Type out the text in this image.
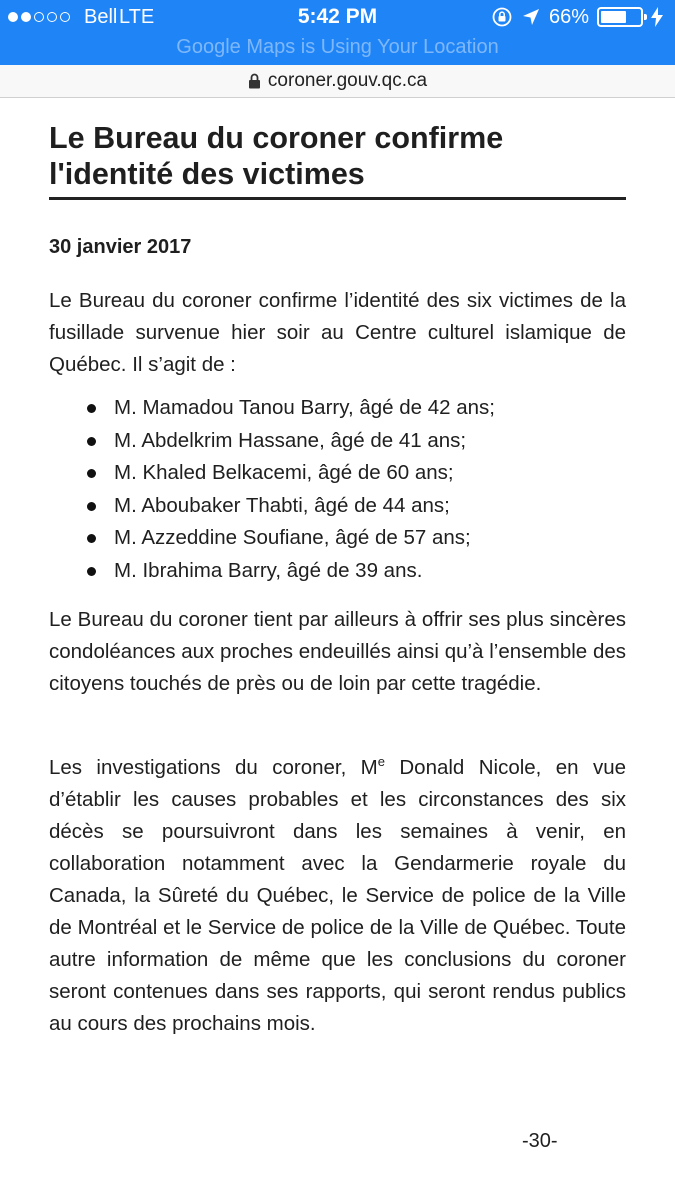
Bell LTE	5:42 PM	66%
Google Maps is Using Your Location
coroner.gouv.qc.ca
Le Bureau du coroner confirme l'identité des victimes
30 janvier 2017
Le Bureau du coroner confirme l’identité des six victimes de la fusillade survenue hier soir au Centre culturel islamique de Québec. Il s’agit de :
M. Mamadou Tanou Barry, âgé de 42 ans;
M. Abdelkrim Hassane, âgé de 41 ans;
M. Khaled Belkacemi, âgé de 60 ans;
M. Aboubaker Thabti, âgé de 44 ans;
M. Azzeddine Soufiane, âgé de 57 ans;
M. Ibrahima Barry, âgé de 39 ans.
Le Bureau du coroner tient par ailleurs à offrir ses plus sincères condoléances aux proches endeuillés ainsi qu’à l’ensemble des citoyens touchés de près ou de loin par cette tragédie.
Les investigations du coroner, Me Donald Nicole, en vue d’établir les causes probables et les circonstances des six décès se poursuivront dans les semaines à venir, en collaboration notamment avec la Gendarmerie royale du Canada, la Sûreté du Québec, le Service de police de la Ville de Montréal et le Service de police de la Ville de Québec. Toute autre information de même que les conclusions du coroner seront contenues dans ses rapports, qui seront rendus publics au cours des prochains mois.
-30-
